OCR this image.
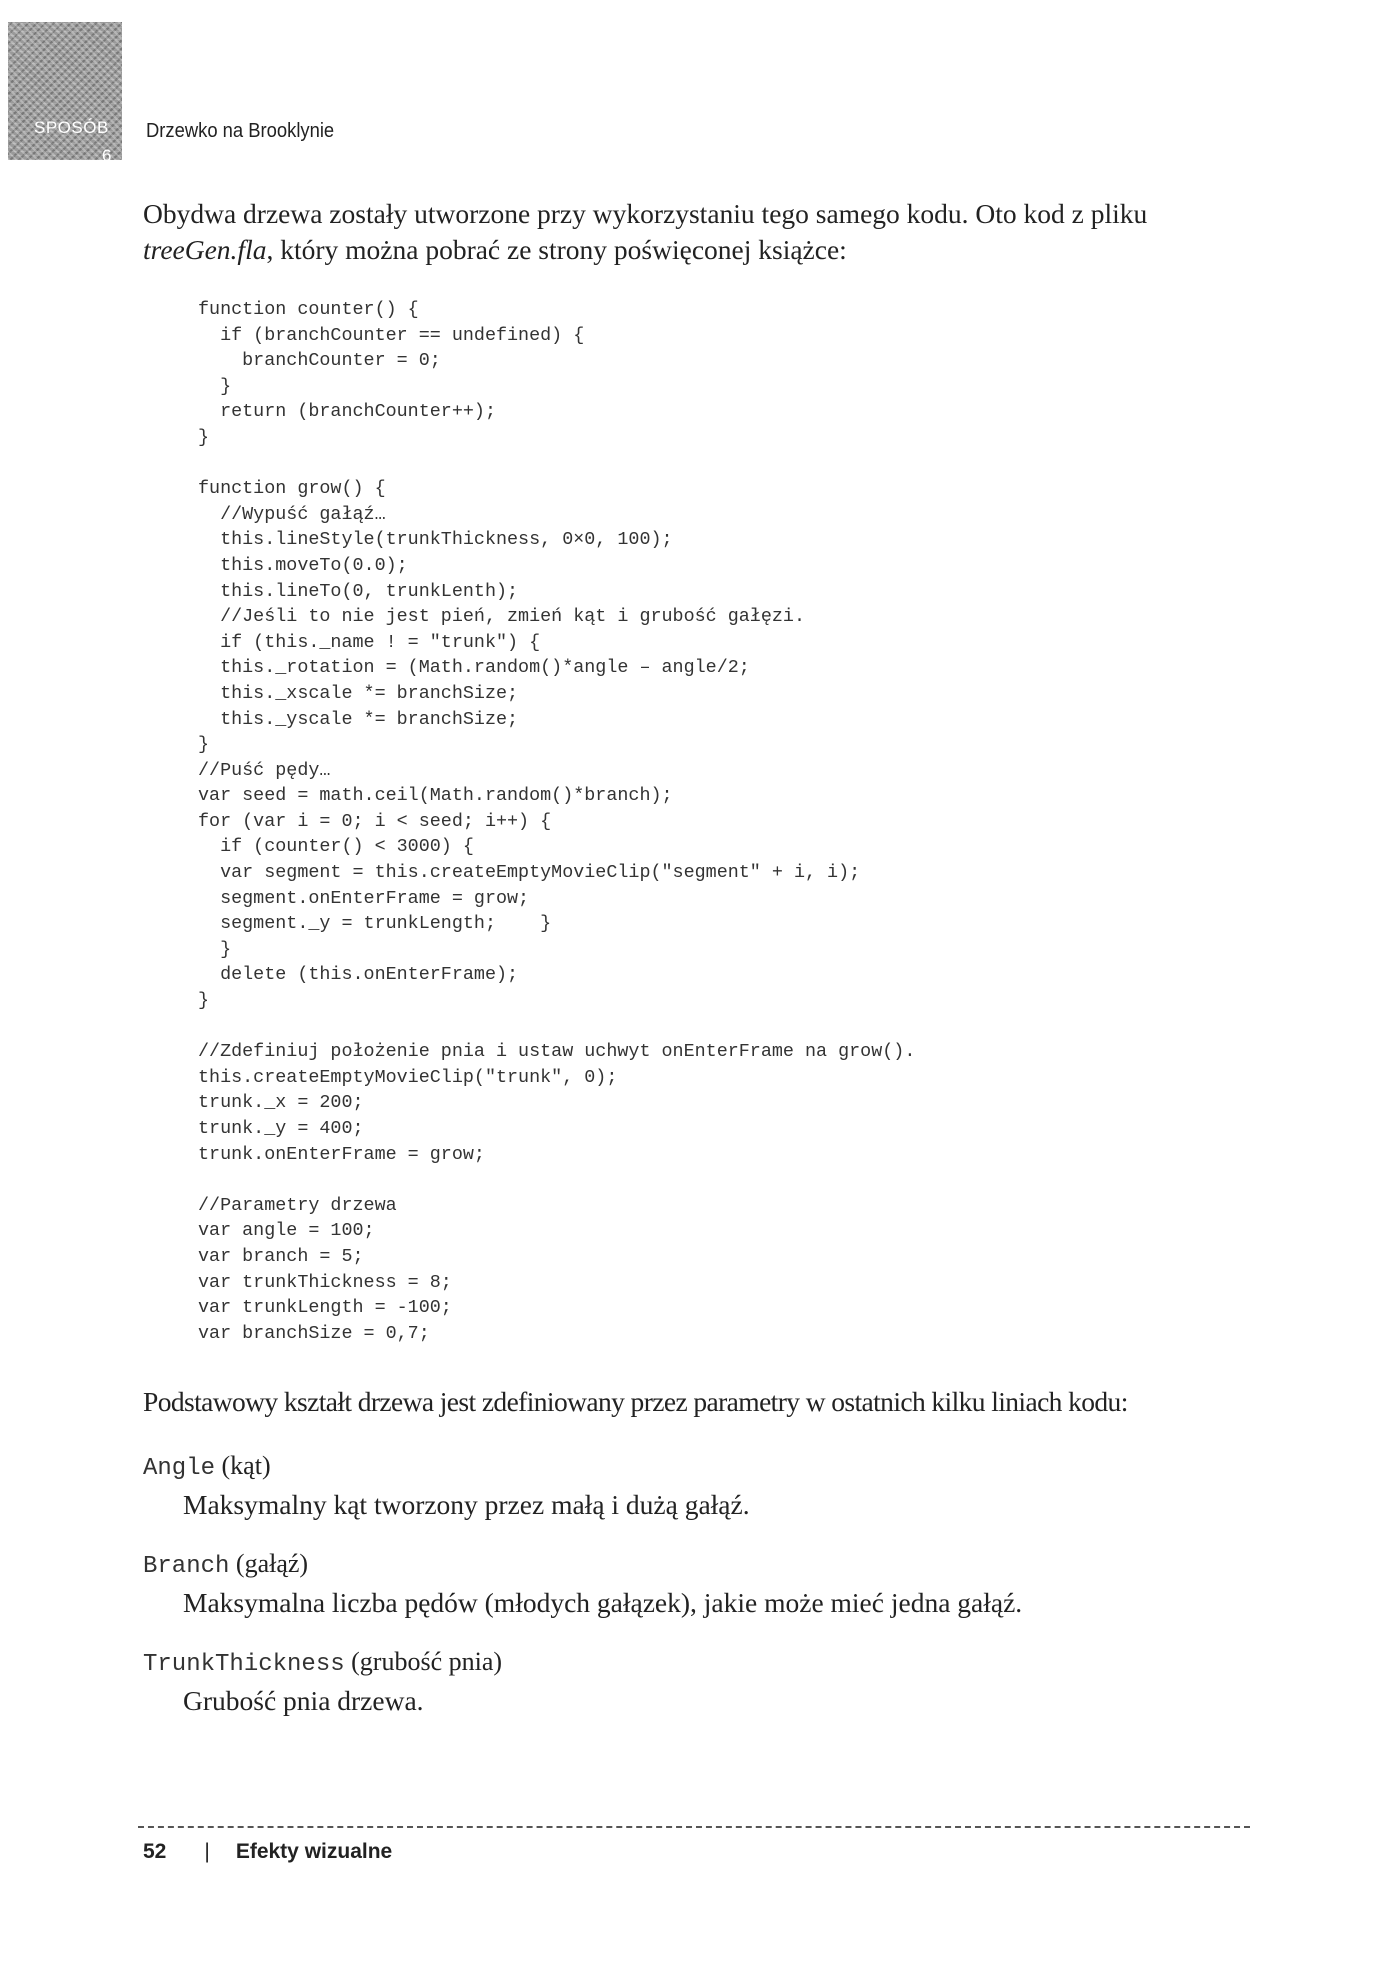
SPOSÓB
6
Drzewko na Brooklynie

Obydwa drzewa zostały utworzone przy wykorzystaniu tego samego kodu. Oto kod z pliku treeGen.fla, który można pobrać ze strony poświęconej książce:

function counter() {
if (branchCounter == undefined) {
branchCounter = 0;
}
return (branchCounter++);
}

function grow() {
//Wypuść gałąź…
this.lineStyle(trunkThickness, 0×0, 100);
this.moveTo(0.0);
this.lineTo(0, trunkLenth);
//Jeśli to nie jest pień, zmień kąt i grubość gałęzi.
if (this._name ! = "trunk") {
this._rotation = (Math.random()*angle – angle/2;
this._xscale *= branchSize;
this._yscale *= branchSize;
}
//Puść pędy…
var seed = math.ceil(Math.random()*branch);
for (var i = 0; i < seed; i++) {
if (counter() < 3000) {
var segment = this.createEmptyMovieClip("segment" + i, i);
segment.onEnterFrame = grow;
segment._y = trunkLength;    }
}
delete (this.onEnterFrame);
}

//Zdefiniuj położenie pnia i ustaw uchwyt onEnterFrame na grow().
this.createEmptyMovieClip("trunk", 0);
trunk._x = 200;
trunk._y = 400;
trunk.onEnterFrame = grow;

//Parametry drzewa
var angle = 100;
var branch = 5;
var trunkThickness = 8;
var trunkLength = -100;
var branchSize = 0,7;
Podstawowy kształt drzewa jest zdefiniowany przez parametry w ostatnich kilku liniach kodu:
Angle (kąt)
Maksymalny kąt tworzony przez małą i dużą gałąź.
Branch (gałąź)
Maksymalna liczba pędów (młodych gałązek), jakie może mieć jedna gałąź.
TrunkThickness (grubość pnia)
Grubość pnia drzewa.
52 | Efekty wizualne
